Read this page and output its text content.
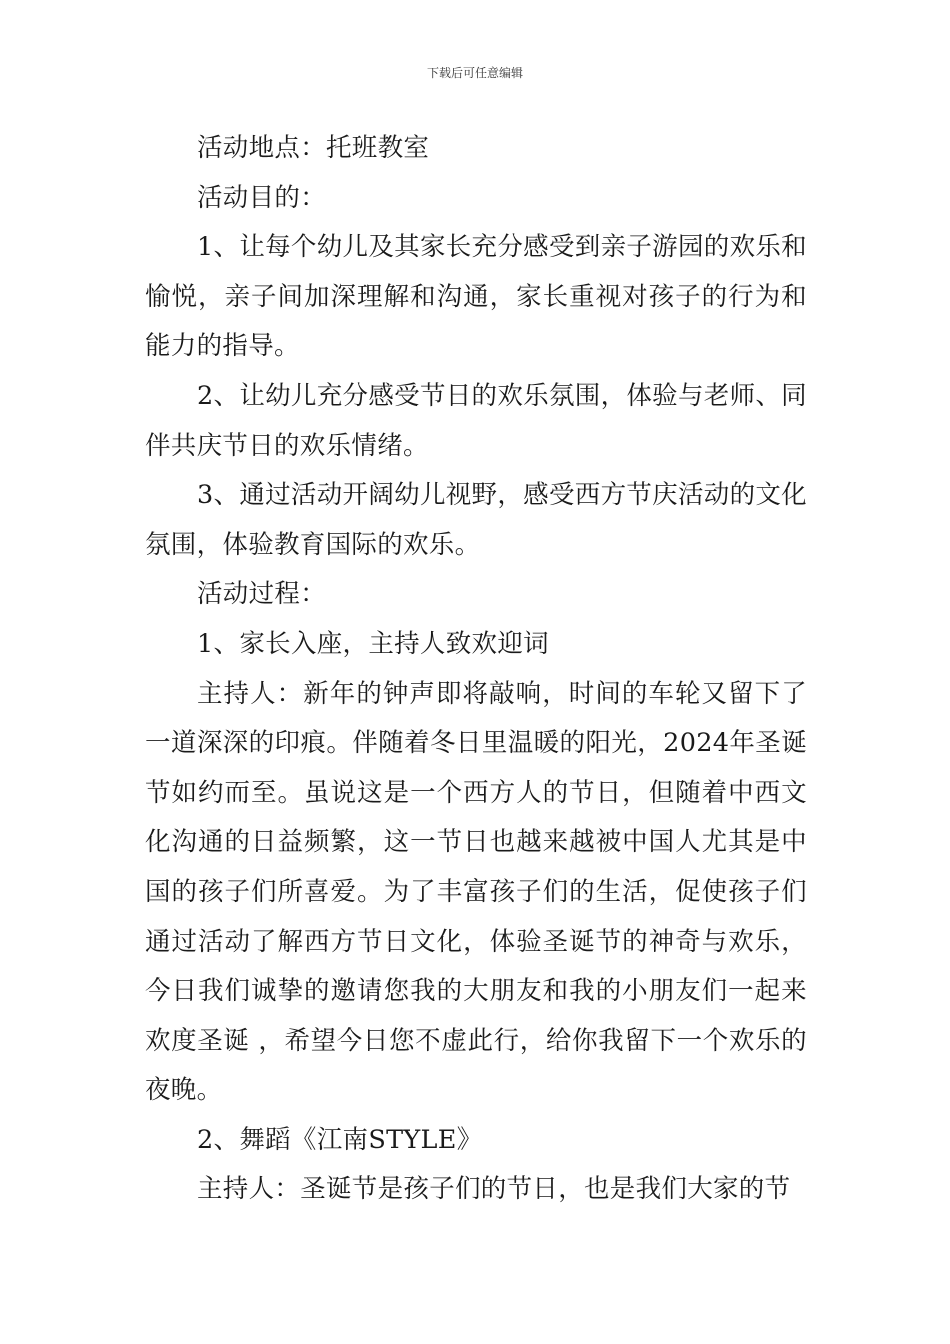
下载后可任意编辑

活动地点：托班教室

活动目的：

1、让每个幼儿及其家长充分感受到亲子游园的欢乐和愉悦，亲子间加深理解和沟通，家长重视对孩子的行为和能力的指导。

2、让幼儿充分感受节日的欢乐氛围，体验与老师、同伴共庆节日的欢乐情绪。

3、通过活动开阔幼儿视野，感受西方节庆活动的文化氛围，体验教育国际的欢乐。

活动过程：

1、家长入座，主持人致欢迎词

主持人：新年的钟声即将敲响，时间的车轮又留下了一道深深的印痕。伴随着冬日里温暖的阳光，2024年圣诞节如约而至。虽说这是一个西方人的节日，但随着中西文化沟通的日益频繁，这一节日也越来越被中国人尤其是中国的孩子们所喜爱。为了丰富孩子们的生活，促使孩子们通过活动了解西方节日文化，体验圣诞节的神奇与欢乐，今日我们诚挚的邀请您我的大朋友和我的小朋友们一起来欢度圣诞 ，希望今日您不虚此行，给你我留下一个欢乐的夜晚。

2、舞蹈《江南STYLE》

主持人：圣诞节是孩子们的节日，也是我们大家的节
